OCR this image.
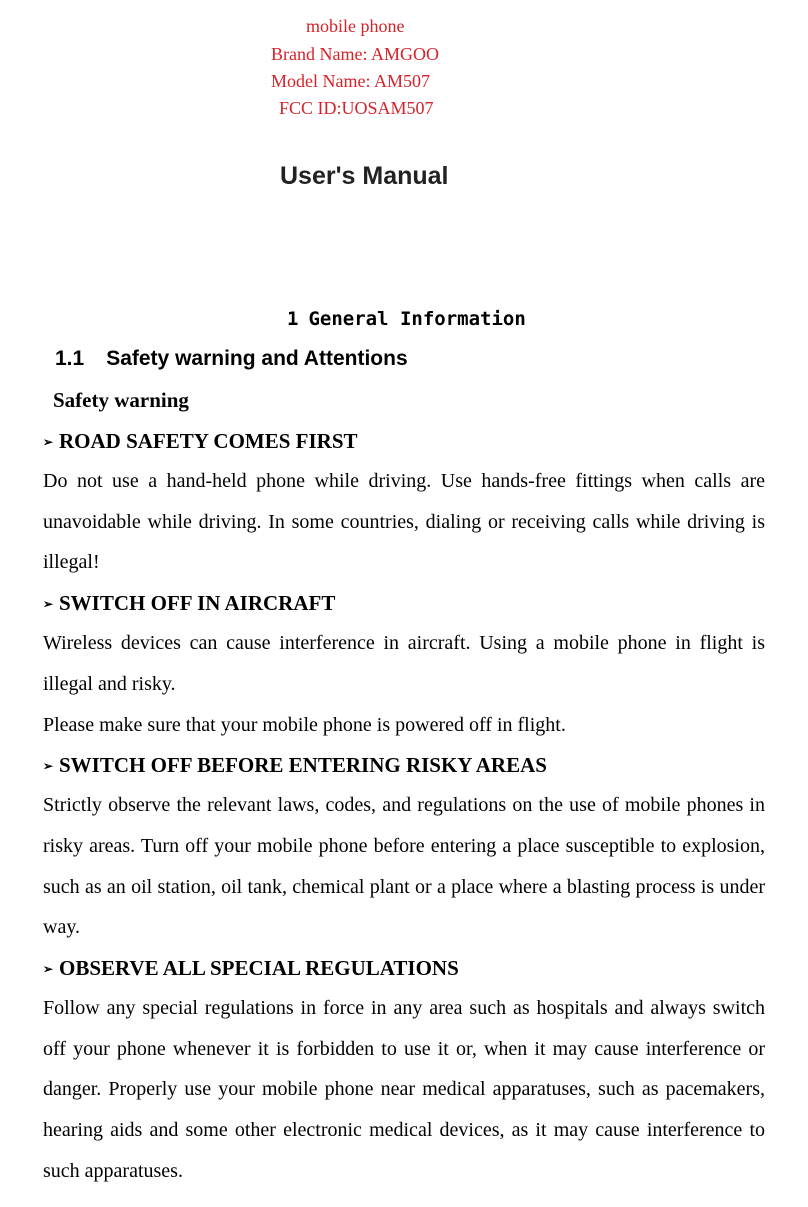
mobile phone
Brand Name: AMGOO
Model Name: AM507
FCC ID:UOSAM507
User's Manual
1 General Information
1.1 Safety warning and Attentions
Safety warning
➢ ROAD SAFETY COMES FIRST

Do not use a hand-held phone while driving. Use hands-free fittings when calls are unavoidable while driving. In some countries, dialing or receiving calls while driving is illegal!

➢ SWITCH OFF IN AIRCRAFT

Wireless devices can cause interference in aircraft. Using a mobile phone in flight is illegal and risky.

Please make sure that your mobile phone is powered off in flight.

➢ SWITCH OFF BEFORE ENTERING RISKY AREAS

Strictly observe the relevant laws, codes, and regulations on the use of mobile phones in risky areas. Turn off your mobile phone before entering a place susceptible to explosion, such as an oil station, oil tank, chemical plant or a place where a blasting process is under way.

➢ OBSERVE ALL SPECIAL REGULATIONS

Follow any special regulations in force in any area such as hospitals and always switch off your phone whenever it is forbidden to use it or, when it may cause interference or danger. Properly use your mobile phone near medical apparatuses, such as pacemakers, hearing aids and some other electronic medical devices, as it may cause interference to such apparatuses.
